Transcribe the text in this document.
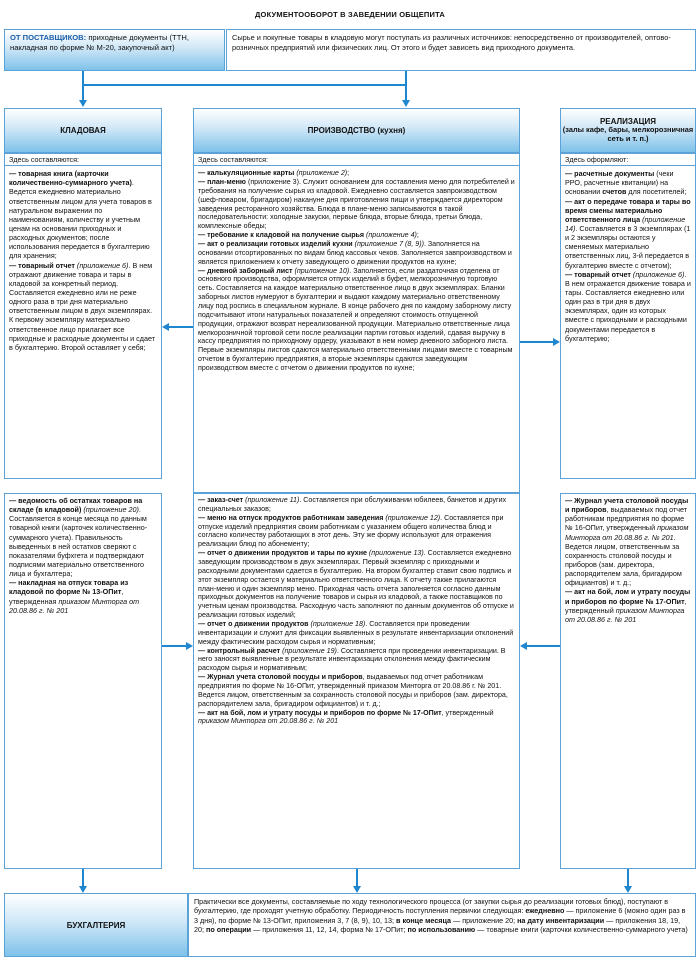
ДОКУМЕНТООБОРОТ В ЗАВЕДЕНИИ ОБЩЕПИТА
ОТ ПОСТАВЩИКОВ: приходные документы (ТТН, накладная по форме № М-20, закупочный акт)
Сырье и покупные товары в кладовую могут поступать из различных источников: непосредственно от производителей, оптово-розничных предприятий или физических лиц. От этого и будет зависеть вид приходного документа.
КЛАДОВАЯ
Здесь составляются:

— товарная книга (карточки количественно-суммарного учета). Ведется ежедневно материально ответственным лицом для учета товаров в натуральном выражении по наименованиям, количеству и учетным ценам на основании приходных и расходных документов; после использования передается в бухгалтерию для хранения;

— товарный отчет (приложение 6). В нем отражают движение товара и тары в кладовой за конкретный период. Составляется ежедневно или не реже одного раза в три дня материально ответственным лицом в двух экземплярах. К первому экземпляру материально ответственное лицо прилагает все приходные и расходные документы и сдает в бухгалтерию. Второй оставляет у себя;

— ведомость об остатках товаров на складе (в кладовой) (приложение 20). Составляется в конце месяца по данным товарной книги (карточек количественно-суммарного учета). Правильность выведенных в ней остатков сверяют с показателями буфхгета и подтверждают подписями материально ответственного лица и бухгалтера;

— накладная на отпуск товара из кладовой по форме № 13-ОПит, утвержденная приказом Минторга от 20.08.86 г. № 201

ПРОИЗВОДСТВО (кухня)
Здесь составляются:

— калькуляционные карты (приложение 2);

— план-меню (приложение 3). Служит основанием для составления меню для потребителей и требования на получение сырья из кладовой. Ежедневно составляется завпроизводством (шеф-поваром, бригадиром) накануне дня приготовления пищи и утверждается директором заведения ресторанного хозяйства. Блюда в плане-меню записываются в такой последовательности: холодные закуски, первые блюда, вторые блюда, третьи блюда, комплексные обеды;

— требование к кладовой на получение сырья (приложение 4);

— акт о реализации готовых изделий кухни (приложение 7 (8, 9)). Заполняется на основании отсортированных по видам блюд кассовых чеков. Заполняется завпроизводством и является приложением к отчету заведующего о движении продуктов на кухне;

— дневной заборный лист (приложение 10). Заполняется, если раздаточная отделена от основного производства, оформляется отпуск изделий в буфет, мелкорозничную торговую сеть. Составляется на каждое материально ответственное лицо в двух экземплярах. Бланки заборных листов нумеруют в бухгалтерии и выдают каждому материально ответственному лицу под роспись в специальном журнале. В конце рабочего дня по каждому заборному листу подсчитывают итоги натуральных показателей и определяют стоимость отпущенной продукции, отражают возврат нереализованной продукции. Материально ответственные лица мелкорозничной торговой сети после реализации партии готовых изделий, сдавая выручку в кассу предприятия по приходному ордеру, указывают в нем номер дневного заборного листа. Первые экземпляры листов сдаются материально ответственными лицами вместе с товарным отчетом в бухгалтерию предприятия, а вторые экземпляры сдаются заведующим производством вместе с отчетом о движении продуктов по кухне;

— заказ-счет (приложение 11). Составляется при обслуживании юбилеев, банкетов и других специальных заказов;

— меню на отпуск продуктов работникам заведения (приложение 12). Составляется при отпуске изделий предприятия своим работникам с указанием общего количества блюд и согласно количеству работающих в этот день. Эту же форму используют для отражения реализации блюд по абонементу;

— отчет о движении продуктов и тары по кухне (приложение 13). Составляется ежедневно заведующим производством в двух экземплярах. Первый экземпляр с приходными и расходными документами сдается в бухгалтерию. На втором бухгалтер ставит свою подпись и этот экземпляр остается у материально ответственного лица. К отчету также прилагаются план-меню и один экземпляр меню. Приходная часть отчета заполняется согласно данным приходных документов на получение товаров и сырья из кладовой, а также поставщиков по учетным ценам производства. Расходную часть заполняют по данным документов об отпуске и реализации готовых изделий;

— отчет о движении продуктов (приложение 18). Составляется при проведении инвентаризации и служит для фиксации выявленных в результате инвентаризации отклонений между фактическим расходом сырья и нормативным;

— контрольный расчет (приложение 19). Составляется при проведении инвентаризации. В него заносят выявленные в результате инвентаризации отклонения между фактическим расходом сырья и нормативным;

— Журнал учета столовой посуды и приборов, выдаваемых под отчет работникам предприятия по форме № 16-ОПит, утвержденный приказом Минторга от 20.08.86 г. № 201. Ведется лицом, ответственным за сохранность столовой посуды и приборов (зам. директора, распорядителем зала, бригадиром официантов) и т. д.;

— акт на бой, лом и утрату посуды и приборов по форме № 17-ОПит, утвержденный приказом Минторга от 20.08.86 г. № 201

РЕАЛИЗАЦИЯ
(залы кафе, бары, мелкорозничная сеть и т. п.)
Здесь оформляют:

— расчетные документы (чеки РРО, расчетные квитанции) на основании счетов для посетителей;

— акт о передаче товара и тары во время смены материально ответственного лица (приложение 14). Составляется в 3 экземплярах (1 и 2 экземпляры остаются у сменяемых материально ответственных лиц, 3-й передается в бухгалтерию вместе с отчетом);

— товарный отчет (приложение 6). В нем отражается движение товара и тары. Составляется ежедневно или один раз в три дня в двух экземплярах, один из которых вместе с приходными и расходными документами передается в бухгалтерию;

— Журнал учета столовой посуды и приборов, выдаваемых под отчет работникам предприятия по форме № 16-ОПит, утвержденный приказом Минторга от 20.08.86 г. № 201. Ведется лицом, ответственным за сохранность столовой посуды и приборов (зам. директора, распорядителем зала, бригадиром официантов) и т. д.;

— акт на бой, лом и утрату посуды и приборов по форме № 17-ОПит, утвержденный приказом Минторга от 20.08.86 г. № 201

БУХГАЛТЕРИЯ
Практически все документы, составляемые по ходу технологического процесса (от закупки сырья до реализации готовых блюд), поступают в бухгалтерию, где проходят учетную обработку. Периодичность поступления первички следующая: ежедневно — приложение 6 (можно один раз в 3 дня), по форме № 13-ОПит, приложения 3, 7 (8, 9), 10, 13; в конце месяца — приложение 20; на дату инвентаризации — приложения 18, 19, 20; по операции — приложения 11, 12, 14, форма № 17-ОПит; по использованию — товарные книги (карточки количественно-суммарного учета)
